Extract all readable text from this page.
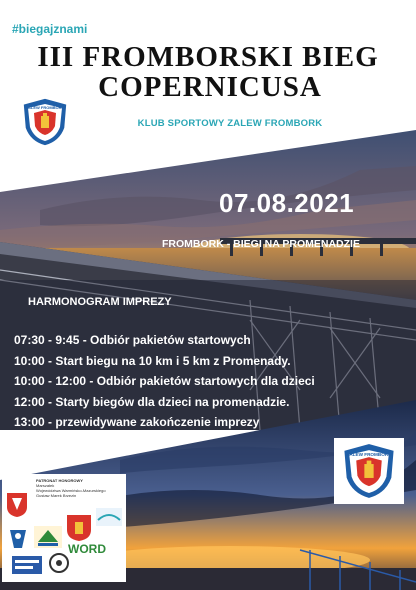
#biegajznami
III FROMBORSKI BIEG
COPERNICUSA
KLUB SPORTOWY ZALEW FROMBORK
ZALEW FROMBORK
07.08.2021
FROMBORK - BIEGI NA PROMENADZIE
HARMONOGRAM IMPREZY
07:30 - 9:45 - Odbiór pakietów startowych
10:00 - Start biegu na 10 km i 5 km z Promenady.
10:00 - 12:00 - Odbiór pakietów startowych dla dzieci
12:00 - Starty biegów dla dzieci na promenadzie.
13:00 - przewidywane zakończenie imprezy
ZALEW FROMBORK
PATRONAT HONOROWY
Marszałek
Województwa Warmińsko-Mazurskiego
Gustaw Marek Brzezin
WORD
